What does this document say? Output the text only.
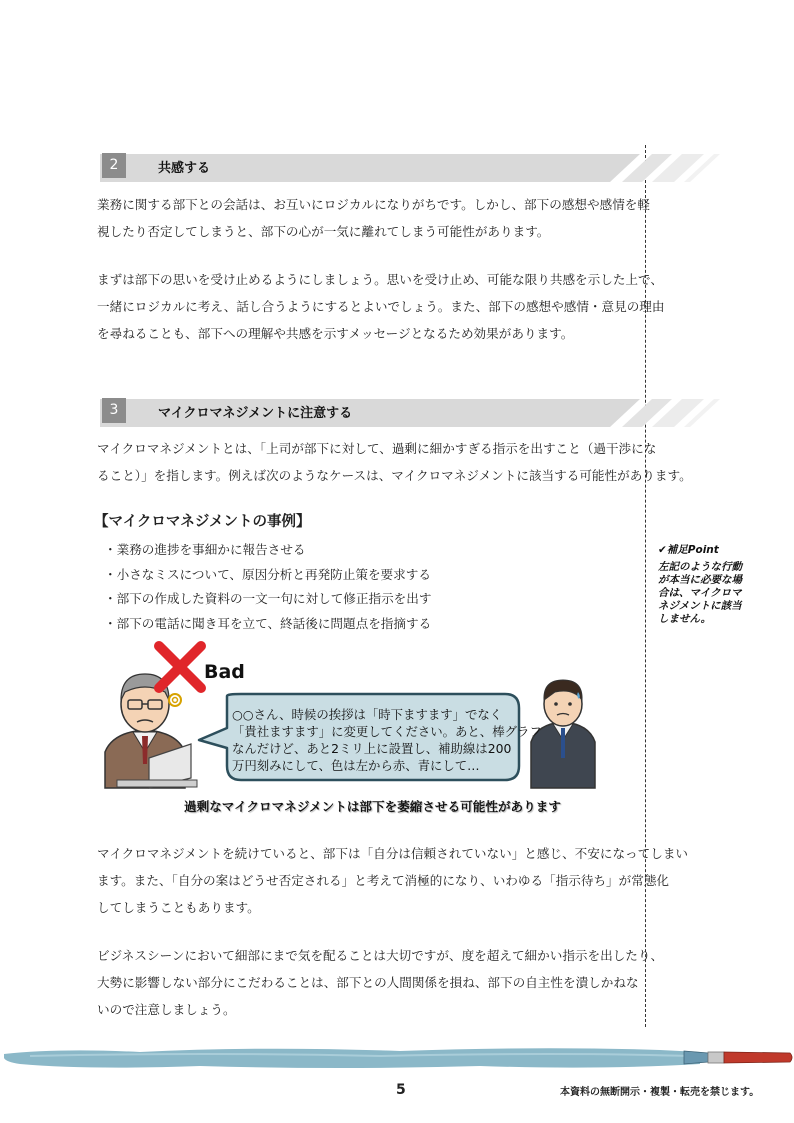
2	共感する
業務に関する部下との会話は、お互いにロジカルになりがちです。しかし、部下の感想や感情を軽
視したり否定してしまうと、部下の心が一気に離れてしまう可能性があります。
まずは部下の思いを受け止めるようにしましょう。思いを受け止め、可能な限り共感を示した上で、
一緒にロジカルに考え、話し合うようにするとよいでしょう。また、部下の感想や感情・意見の理由
を尋ねることも、部下への理解や共感を示すメッセージとなるため効果があります。
3	マイクロマネジメントに注意する
マイクロマネジメントとは、「上司が部下に対して、過剰に細かすぎる指示を出すこと（過干渉にな
ること）」を指します。例えば次のようなケースは、マイクロマネジメントに該当する可能性があります。
【マイクロマネジメントの事例】
・業務の進捗を事細かに報告させる
・小さなミスについて、原因分析と再発防止策を要求する
・部下の作成した資料の一文一句に対して修正指示を出す
・部下の電話に聞き耳を立て、終話後に問題点を指摘する
✔補足Point
左記のような行動
が本当に必要な場
合は、マイクロマ
ネジメントに該当
しません。
Bad
○○さん、時候の挨拶は「時下ますます」でなく
「貴社ますます」に変更してください。あと、棒グラフ
なんだけど、あと2ミリ上に設置し、補助線は200
万円刻みにして、色は左から赤、青にして…
過剰なマイクロマネジメントは部下を萎縮させる可能性があります
マイクロマネジメントを続けていると、部下は「自分は信頼されていない」と感じ、不安になってしまい
ます。また、「自分の案はどうせ否定される」と考えて消極的になり、いわゆる「指示待ち」が常態化
してしまうこともあります。
ビジネスシーンにおいて細部にまで気を配ることは大切ですが、度を超えて細かい指示を出したり、
大勢に影響しない部分にこだわることは、部下との人間関係を損ね、部下の自主性を潰しかねな
いので注意しましょう。
5	本資料の無断開示・複製・転売を禁じます。
